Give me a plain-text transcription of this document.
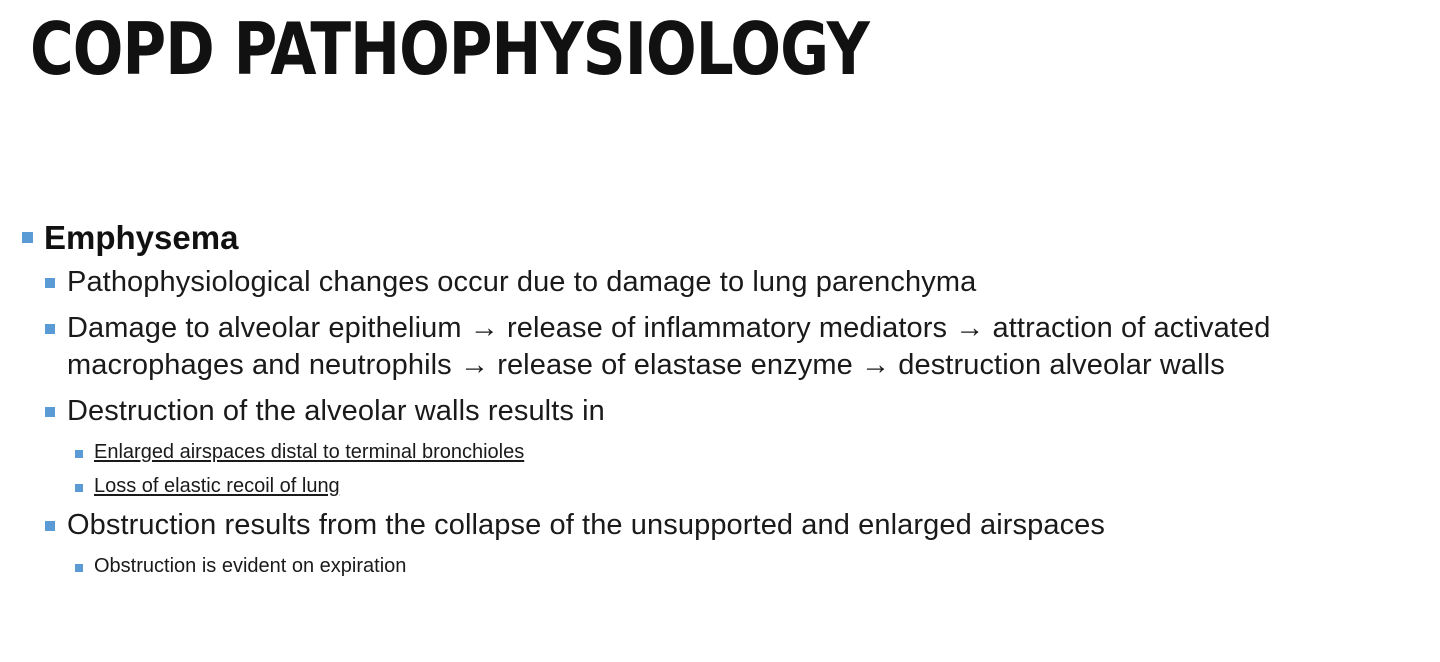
COPD PATHOPHYSIOLOGY
Emphysema
Pathophysiological changes occur due to damage to lung parenchyma
Damage to alveolar epithelium → release of inflammatory mediators → attraction of activated macrophages and neutrophils → release of elastase enzyme → destruction alveolar walls
Destruction of the alveolar walls results in
Enlarged airspaces distal to terminal bronchioles
Loss of elastic recoil of lung
Obstruction results from the collapse of the unsupported and enlarged airspaces
Obstruction is evident on expiration
